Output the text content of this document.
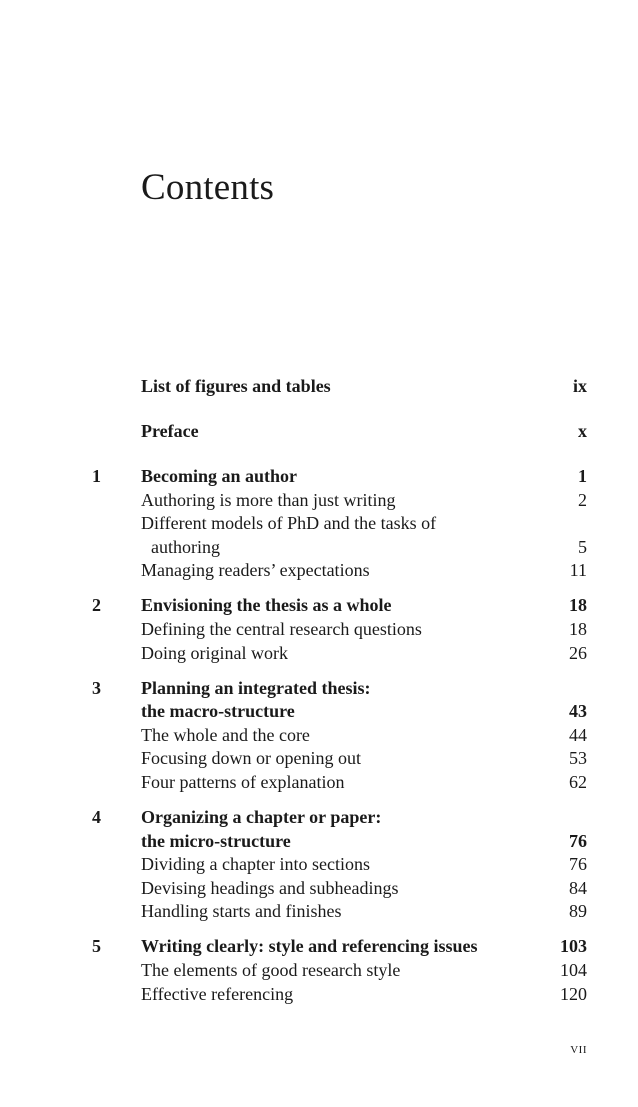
Contents
List of figures and tables	ix
Preface	x
1 Becoming an author	1
Authoring is more than just writing	2
Different models of PhD and the tasks of
authoring	5
Managing readers’ expectations	11
2 Envisioning the thesis as a whole	18
Defining the central research questions	18
Doing original work	26
3 Planning an integrated thesis:
the macro-structure	43
The whole and the core	44
Focusing down or opening out	53
Four patterns of explanation	62
4 Organizing a chapter or paper:
the micro-structure	76
Dividing a chapter into sections	76
Devising headings and subheadings	84
Handling starts and finishes	89
5 Writing clearly: style and referencing issues	103
The elements of good research style	104
Effective referencing	120
VII
